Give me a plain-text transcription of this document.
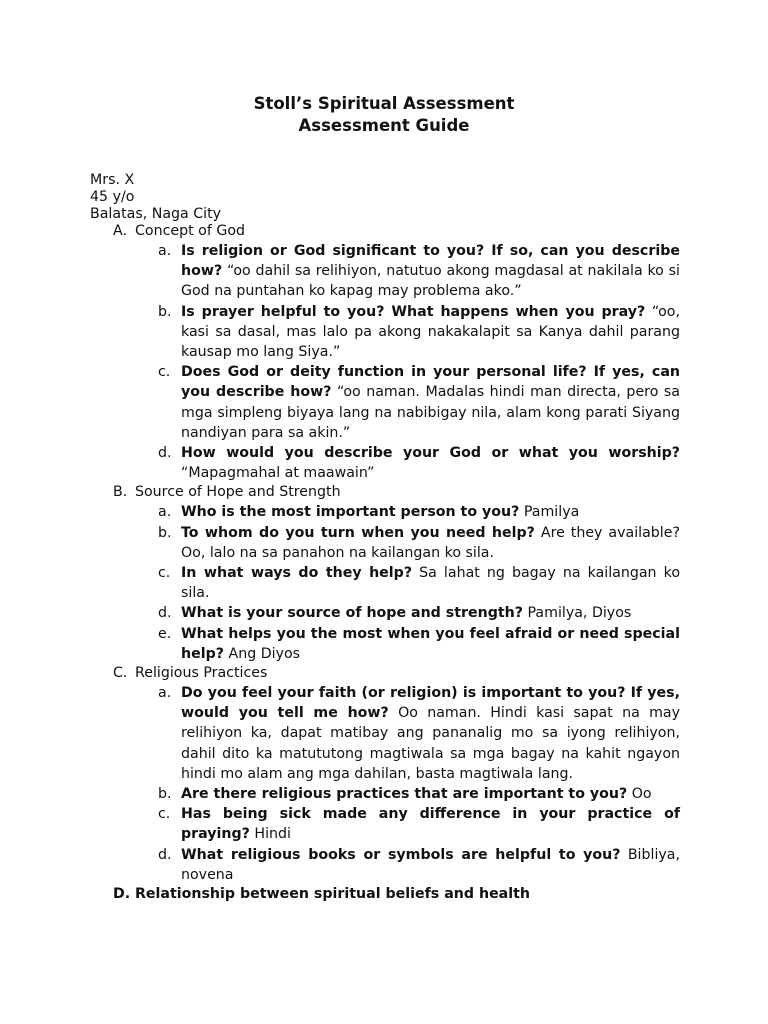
Stoll’s Spiritual Assessment
Assessment Guide
Mrs. X
45 y/o
Balatas, Naga City
A. Concept of God
a. Is religion or God significant to you? If so, can you describe how? “oo dahil sa relihiyon, natutuo akong magdasal at nakilala ko si God na puntahan ko kapag may problema ako.”
b. Is prayer helpful to you? What happens when you pray? “oo, kasi sa dasal, mas lalo pa akong nakakalapit sa Kanya dahil parang kausap mo lang Siya.”
c. Does God or deity function in your personal life? If yes, can you describe how? “oo naman. Madalas hindi man directa, pero sa mga simpleng biyaya lang na nabibigay nila, alam kong parati Siyang nandiyan para sa akin.”
d. How would you describe your God or what you worship? “Mapagmahal at maawain”
B. Source of Hope and Strength
a. Who is the most important person to you? Pamilya
b. To whom do you turn when you need help? Are they available? Oo, lalo na sa panahon na kailangan ko sila.
c. In what ways do they help? Sa lahat ng bagay na kailangan ko sila.
d. What is your source of hope and strength? Pamilya, Diyos
e. What helps you the most when you feel afraid or need special help? Ang Diyos
C. Religious Practices
a. Do you feel your faith (or religion) is important to you? If yes, would you tell me how? Oo naman. Hindi kasi sapat na may relihiyon ka, dapat matibay ang pananalig mo sa iyong relihiyon, dahil dito ka matututong magtiwala sa mga bagay na kahit ngayon hindi mo alam ang mga dahilan, basta magtiwala lang.
b. Are there religious practices that are important to you? Oo
c. Has being sick made any difference in your practice of praying? Hindi
d. What religious books or symbols are helpful to you? Bibliya, novena
D. Relationship between spiritual beliefs and health
